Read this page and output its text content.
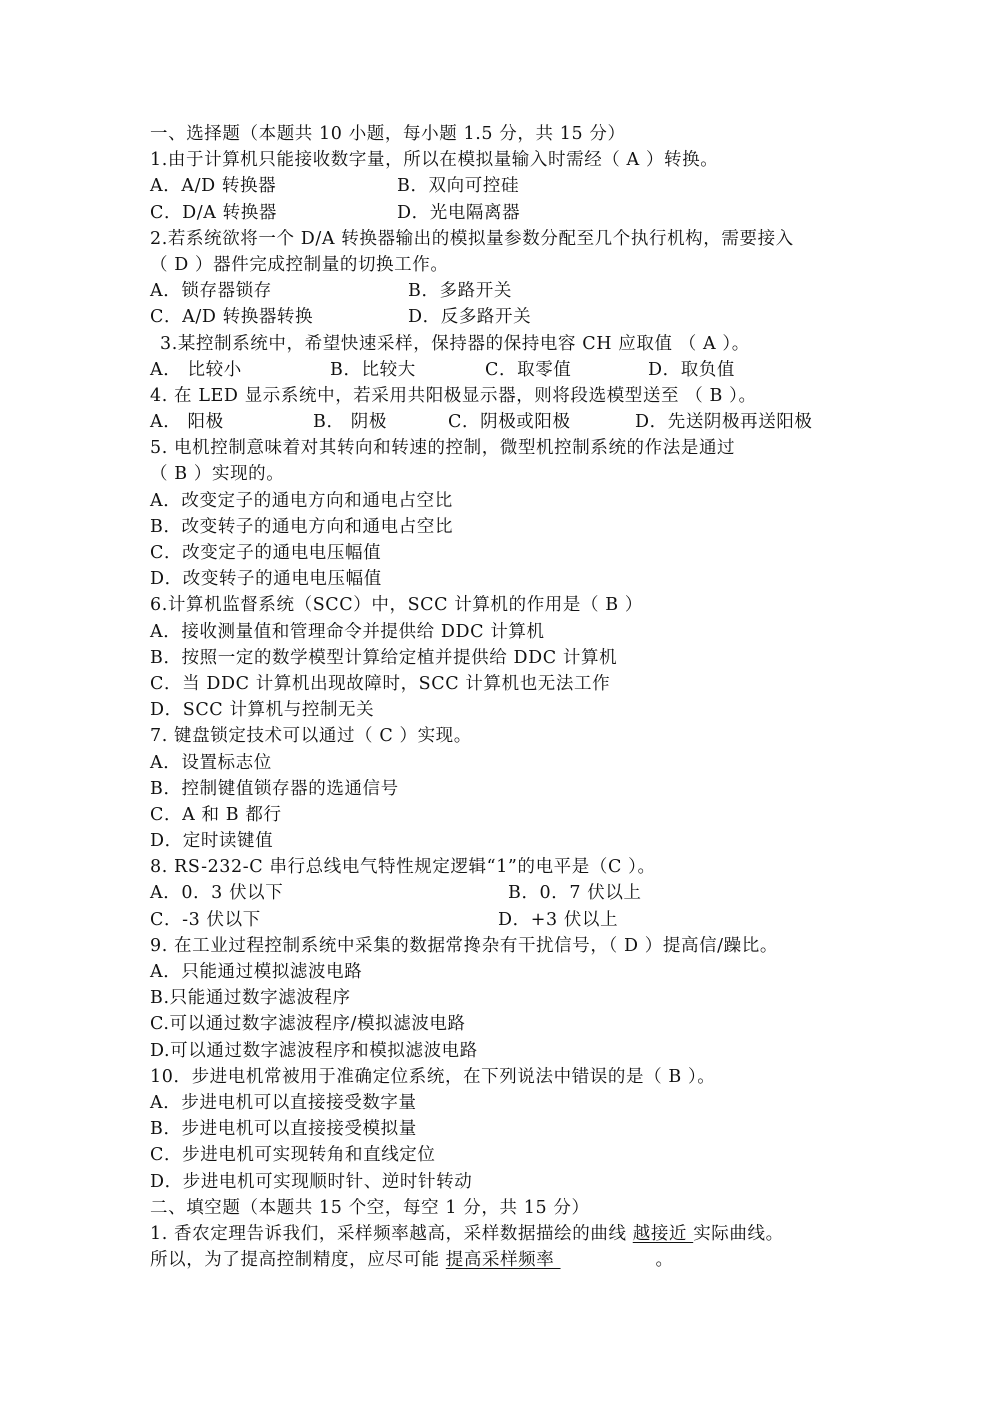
一、选择题（本题共 10 小题，每小题 1.5 分，共 15 分）
1.由于计算机只能接收数字量，所以在模拟量输入时需经（ A ）转换。
A．A/D 转换器	B．双向可控硅
C．D/A 转换器	D．光电隔离器
2.若系统欲将一个 D/A 转换器输出的模拟量参数分配至几个执行机构，需要接入
（ D ）器件完成控制量的切换工作。
A．锁存器锁存	B．多路开关
C．A/D 转换器转换	D．反多路开关
3.某控制系统中，希望快速采样，保持器的保持电容 CH 应取值 （ A ）。
A． 比较小	B．比较大	C．取零值	D．取负值
4. 在 LED 显示系统中，若采用共阳极显示器，则将段选模型送至 （ B ）。
A． 阳极	B． 阴极	C．阴极或阳极	D．先送阴极再送阳极
5. 电机控制意味着对其转向和转速的控制，微型机控制系统的作法是通过
（ B ）实现的。
A．改变定子的通电方向和通电占空比
B．改变转子的通电方向和通电占空比
C．改变定子的通电电压幅值
D．改变转子的通电电压幅值
6.计算机监督系统（SCC）中，SCC 计算机的作用是（ B ）
A．接收测量值和管理命令并提供给 DDC 计算机
B．按照一定的数学模型计算给定植并提供给 DDC 计算机
C．当 DDC 计算机出现故障时，SCC 计算机也无法工作
D．SCC 计算机与控制无关
7. 键盘锁定技术可以通过（ C ）实现。
A．设置标志位
B．控制键值锁存器的选通信号
C．A 和 B 都行
D．定时读键值
8. RS-232-C 串行总线电气特性规定逻辑“1”的电平是（C ）。
A．0．3 伏以下	B．0．7 伏以上
C．-3 伏以下	D．+3 伏以上
9. 在工业过程控制系统中采集的数据常搀杂有干扰信号，（ D ）提高信/躁比。
A．只能通过模拟滤波电路
B.只能通过数字滤波程序
C.可以通过数字滤波程序/模拟滤波电路
D.可以通过数字滤波程序和模拟滤波电路
10．步进电机常被用于准确定位系统，在下列说法中错误的是（ B ）。
A．步进电机可以直接接受数字量
B．步进电机可以直接接受模拟量
C．步进电机可实现转角和直线定位
D．步进电机可实现顺时针、逆时针转动
二、填空题（本题共 15 个空，每空 1 分，共 15 分）
1. 香农定理告诉我们，采样频率越高，采样数据描绘的曲线 越接近 实际曲线。
所以，为了提高控制精度，应尽可能 提高采样频率	。
